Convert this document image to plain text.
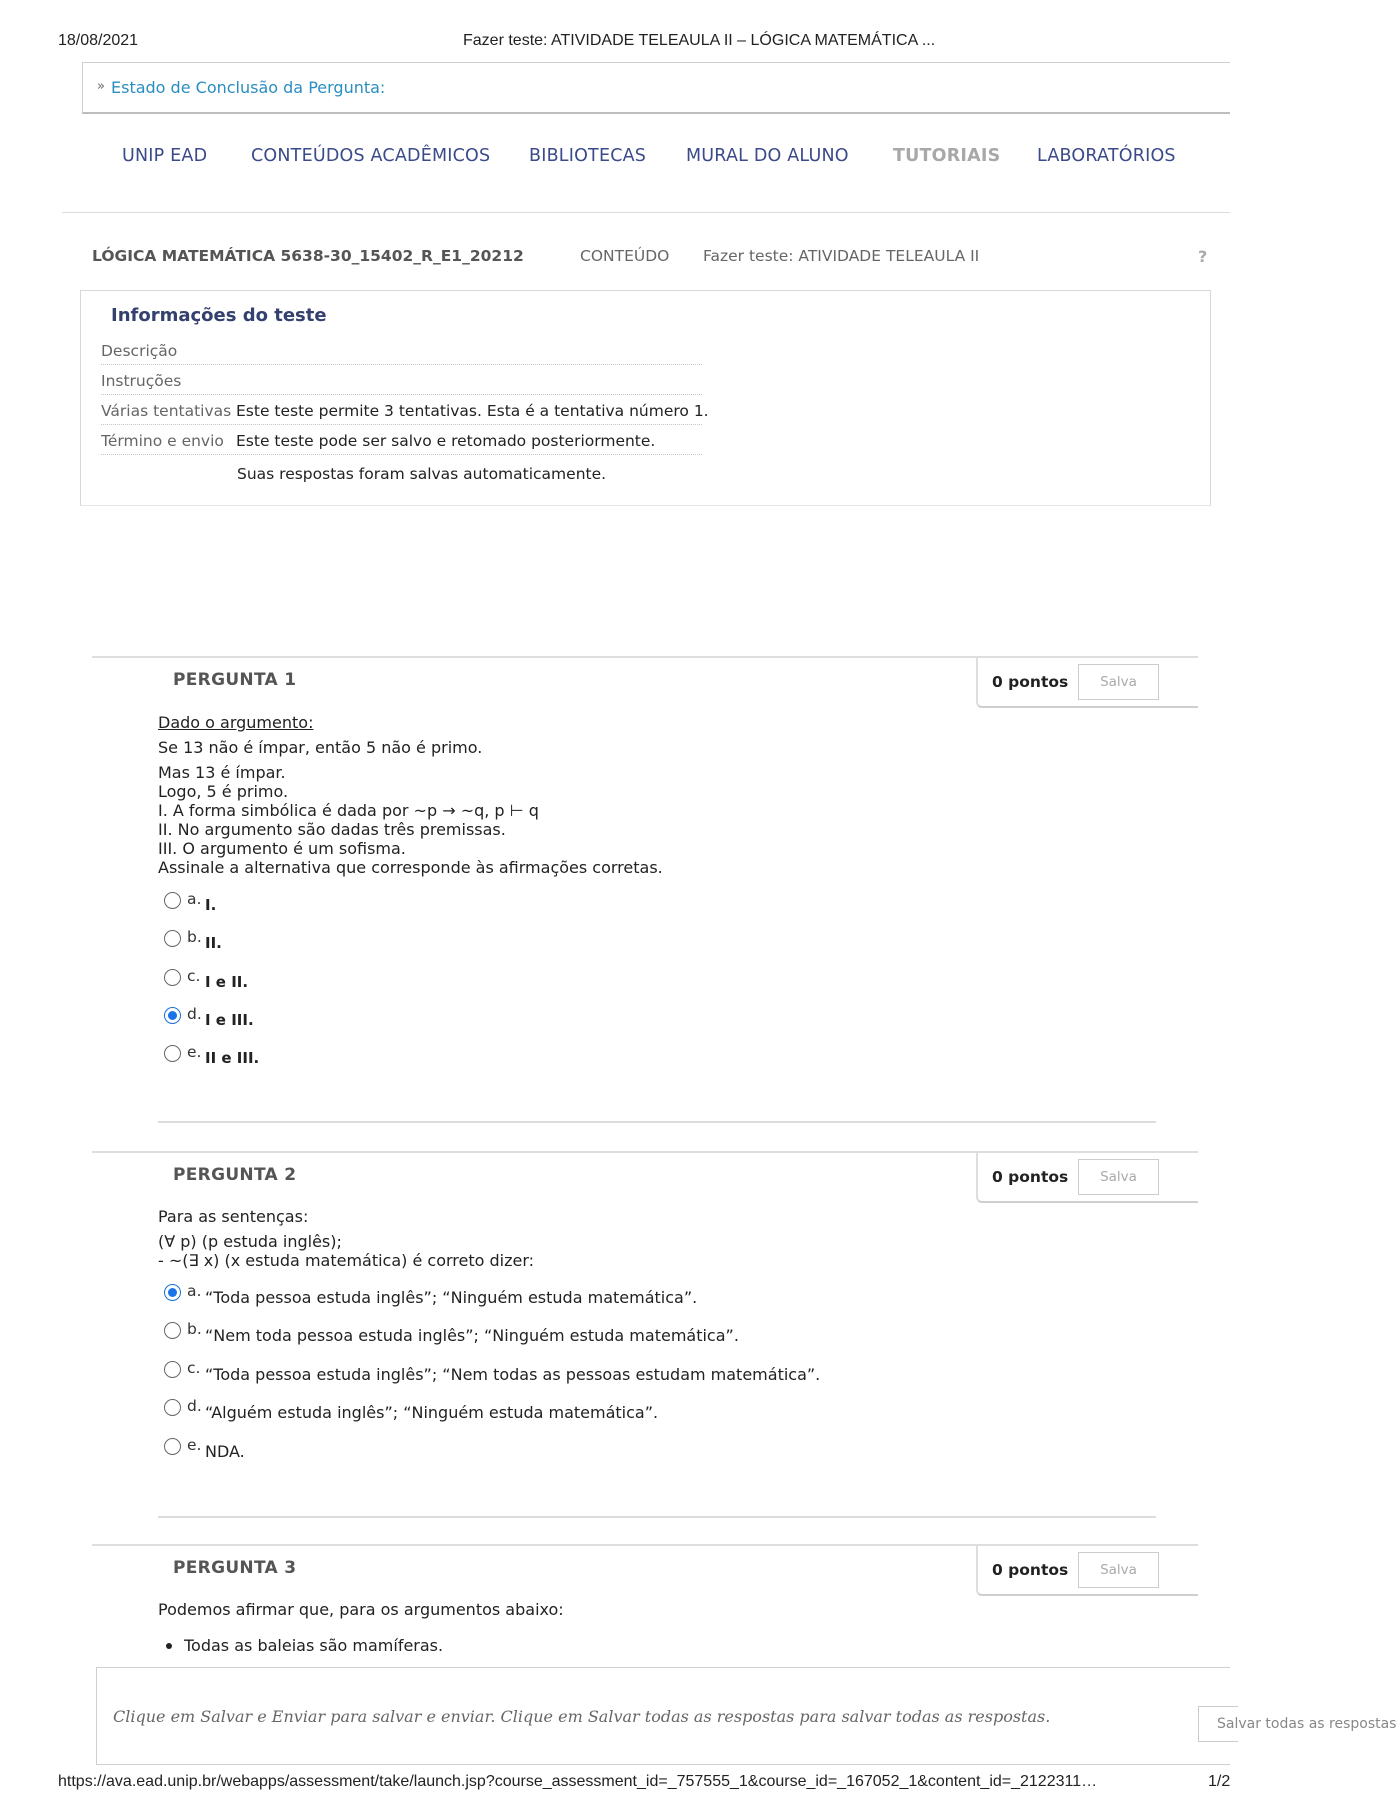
18/08/2021	Fazer teste: ATIVIDADE TELEAULA II – LÓGICA MATEMÁTICA ...
» Estado de Conclusão da Pergunta:
UNIP EAD CONTEÚDOS ACADÊMICOS BIBLIOTECAS MURAL DO ALUNO	TUTORIAIS LABORATÓRIOS
LÓGICA MATEMÁTICA 5638-30_15402_R_E1_20212	CONTEÚDO Fazer teste: ATIVIDADE TELEAULA II	?
Informações do teste
Descrição
Instruções
Várias tentativas Este teste permite 3 tentativas. Esta é a tentativa número 1.
Término e envio Este teste pode ser salvo e retomado posteriormente.
Suas respostas foram salvas automaticamente.
PERGUNTA 1	0 pontos	Salva
Dado o argumento:
Se 13 não é ímpar, então 5 não é primo.
Mas 13 é ímpar.
Logo, 5 é primo.
I. A forma simbólica é dada por ~p → ~q, p ⊢ q
II. No argumento são dadas três premissas.
III. O argumento é um sofisma.
Assinale a alternativa que corresponde às afirmações corretas.
a. I.
b. II.
c. I e II.
d. I e III.
e. II e III.
PERGUNTA 2	0 pontos	Salva
Para as sentenças:
(∀ p) (p estuda inglês);
- ~(∃ x) (x estuda matemática) é correto dizer:
a. “Toda pessoa estuda inglês”; “Ninguém estuda matemática”.
b. “Nem toda pessoa estuda inglês”; “Ninguém estuda matemática”.
c. “Toda pessoa estuda inglês”; “Nem todas as pessoas estudam matemática”.
d. “Alguém estuda inglês”; “Ninguém estuda matemática”.
e. NDA.
PERGUNTA 3	0 pontos	Salva
Podemos afirmar que, para os argumentos abaixo:
Todas as baleias são mamíferas.
Clique em Salvar e Enviar para salvar e enviar. Clique em Salvar todas as respostas para salvar todas as respostas.	Salvar todas as respostas
https://ava.ead.unip.br/webapps/assessment/take/launch.jsp?course_assessment_id=_757555_1&course_id=_167052_1&content_id=_2122311…	1/2
